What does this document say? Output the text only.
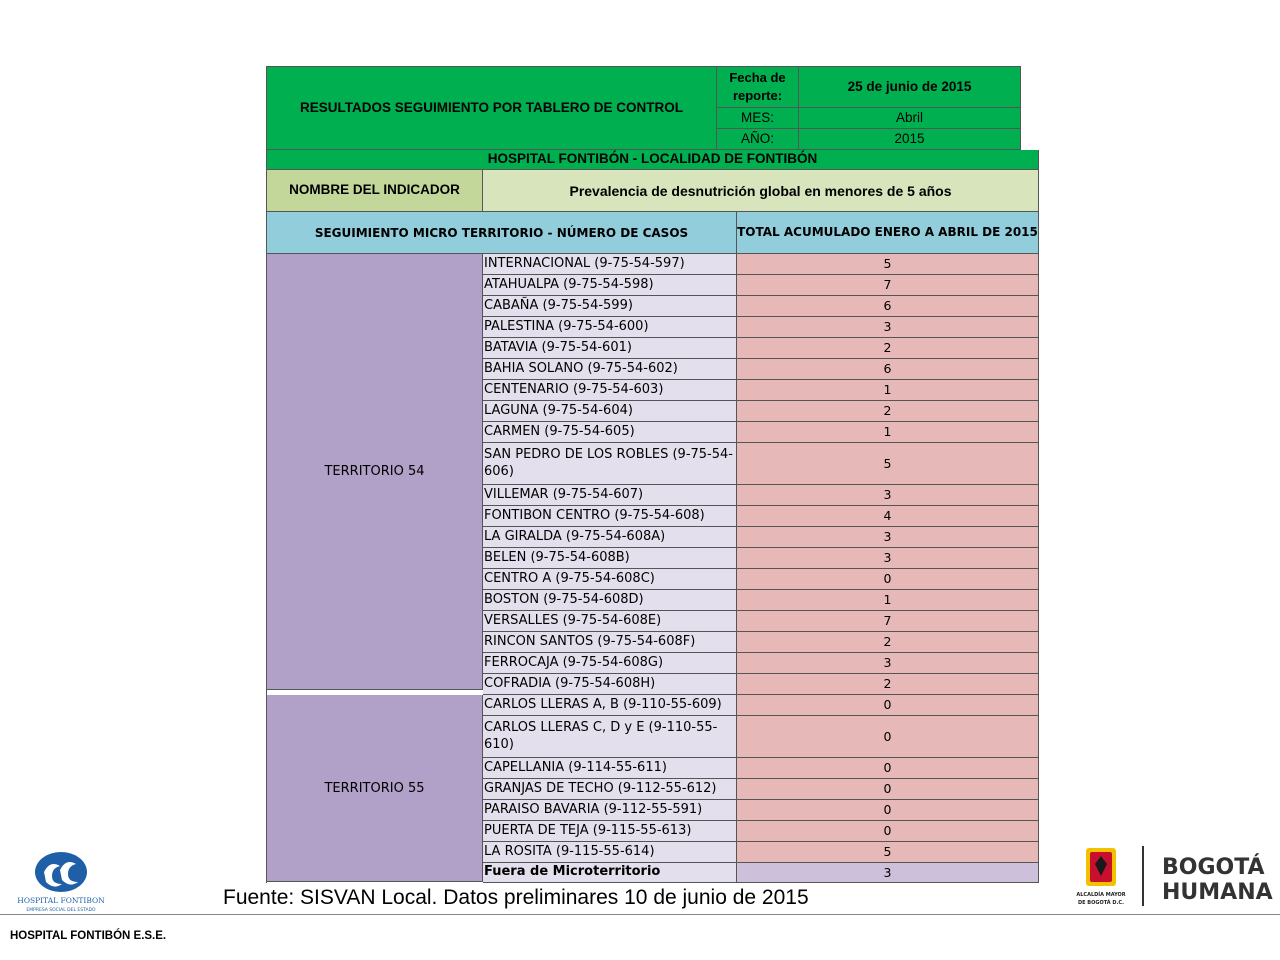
RESULTADOS SEGUIMIENTO POR TABLERO DE CONTROL
Fecha de reporte:
25 de junio de 2015
MES:	Abril
AÑO:	2015
HOSPITAL FONTIBÓN - LOCALIDAD DE FONTIBÓN
NOMBRE DEL INDICADOR	Prevalencia de desnutrición global en menores de 5 años
SEGUIMIENTO MICRO TERRITORIO - NÚMERO DE CASOS	TOTAL ACUMULADO ENERO A ABRIL DE 2015
TERRITORIO 54
INTERNACIONAL (9-75-54-597)	5
ATAHUALPA (9-75-54-598)	7
CABAÑA (9-75-54-599)	6
PALESTINA (9-75-54-600)	3
BATAVIA (9-75-54-601)	2
BAHIA SOLANO (9-75-54-602)	6
CENTENARIO (9-75-54-603)	1
LAGUNA (9-75-54-604)	2
CARMEN (9-75-54-605)	1
SAN PEDRO DE LOS ROBLES (9-75-54-606)	5
VILLEMAR (9-75-54-607)	3
FONTIBON CENTRO (9-75-54-608)	4
LA GIRALDA (9-75-54-608A)	3
BELEN (9-75-54-608B)	3
CENTRO A (9-75-54-608C)	0
BOSTON (9-75-54-608D)	1
VERSALLES (9-75-54-608E)	7
RINCON SANTOS (9-75-54-608F)	2
FERROCAJA (9-75-54-608G)	3
COFRADIA (9-75-54-608H)	2
TERRITORIO 55
CARLOS LLERAS A, B (9-110-55-609)	0
CARLOS LLERAS C, D y E (9-110-55-610)	0
CAPELLANIA (9-114-55-611)	0
GRANJAS DE TECHO (9-112-55-612)	0
PARAISO BAVARIA (9-112-55-591)	0
PUERTA DE TEJA (9-115-55-613)	0
LA ROSITA (9-115-55-614)	5
Fuera de Microterritorio	3
HOSPITAL FONTIBON
EMPRESA SOCIAL DEL ESTADO
ALCALDÍA MAYOR
DE BOGOTÁ D.C.
BOGOTÁ
HUMANA
Fuente: SISVAN Local. Datos preliminares 10 de junio de 2015
HOSPITAL FONTIBÓN E.S.E.
